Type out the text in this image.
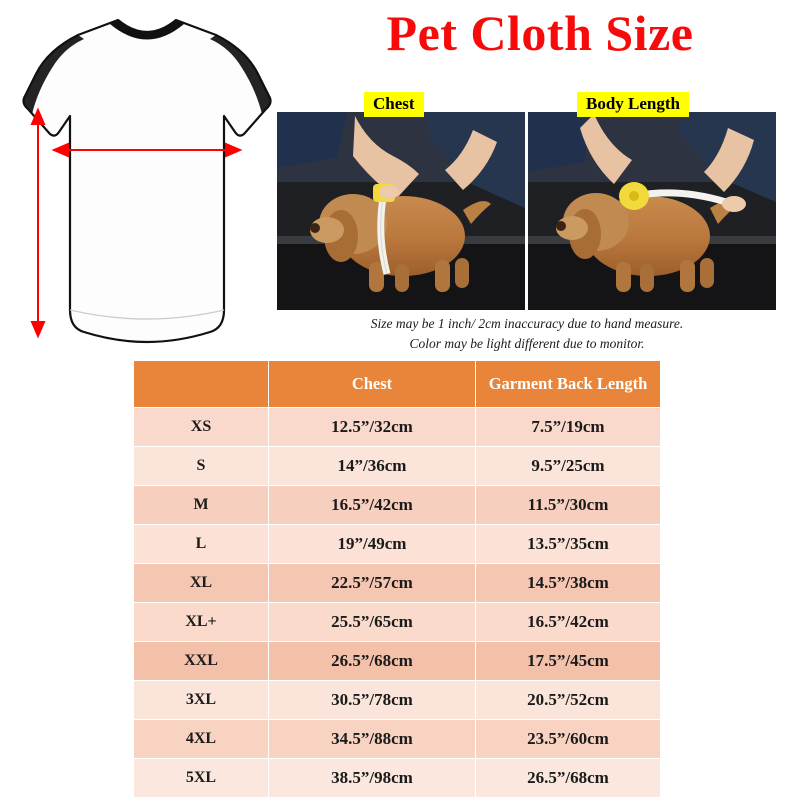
Pet Cloth Size
Chest	Body Length
Size may be 1 inch/ 2cm inaccuracy due to hand measure.
Color may be light different due to monitor.
	Chest	Garment Back Length
XS	12.5”/32cm	7.5”/19cm
S	14”/36cm	9.5”/25cm
M	16.5”/42cm	11.5”/30cm
L	19”/49cm	13.5”/35cm
XL	22.5”/57cm	14.5”/38cm
XL+	25.5”/65cm	16.5”/42cm
XXL	26.5”/68cm	17.5”/45cm
3XL	30.5”/78cm	20.5”/52cm
4XL	34.5”/88cm	23.5”/60cm
5XL	38.5”/98cm	26.5”/68cm
